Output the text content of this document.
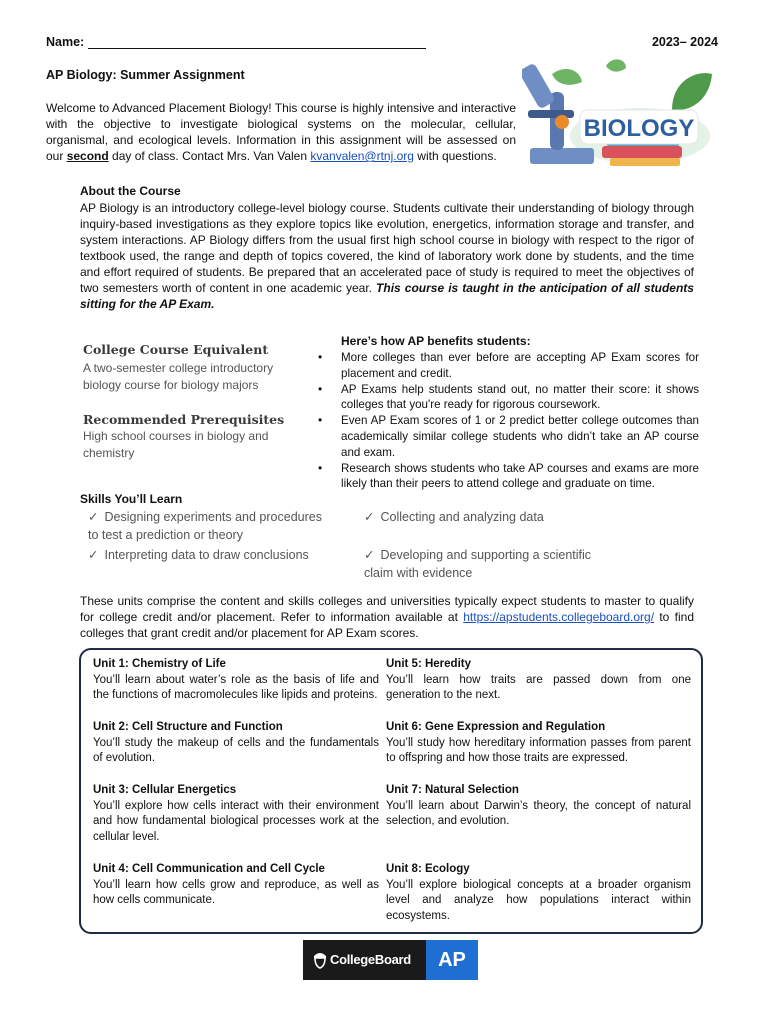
Name:	2023– 2024
AP Biology: Summer Assignment
Welcome to Advanced Placement Biology! This course is highly intensive and interactive with the objective to investigate biological systems on the molecular, cellular, organismal, and ecological levels. Information in this assignment will be assessed on our second day of class. Contact Mrs. Van Valen kvanvalen@rtnj.org with questions.
BIOLOGY
About the Course
AP Biology is an introductory college-level biology course. Students cultivate their understanding of biology through inquiry-based investigations as they explore topics like evolution, energetics, information storage and transfer, and system interactions. AP Biology differs from the usual first high school course in biology with respect to the rigor of textbook used, the range and depth of topics covered, the kind of laboratory work done by students, and the time and effort required of students. Be prepared that an accelerated pace of study is required to meet the objectives of two semesters worth of content in one academic year. This course is taught in the anticipation of all students sitting for the AP Exam.
College Course Equivalent
A two-semester college introductory biology course for biology majors
Recommended Prerequisites
High school courses in biology and chemistry
Here’s how AP benefits students:
• More colleges than ever before are accepting AP Exam scores for placement and credit.
• AP Exams help students stand out, no matter their score: it shows colleges that you're ready for rigorous coursework.
• Even AP Exam scores of 1 or 2 predict better college outcomes than academically similar college students who didn’t take an AP course and exam.
• Research shows students who take AP courses and exams are more likely than their peers to attend college and graduate on time.
Skills You’ll Learn
✓ Designing experiments and procedures to test a prediction or theory
✓ Interpreting data to draw conclusions
✓ Collecting and analyzing data
✓ Developing and supporting a scientific claim with evidence
These units comprise the content and skills colleges and universities typically expect students to master to qualify for college credit and/or placement. Refer to information available at https://apstudents.collegeboard.org/ to find colleges that grant credit and/or placement for AP Exam scores.
Unit 1: Chemistry of Life
You’ll learn about water’s role as the basis of life and the functions of macromolecules like lipids and proteins.
Unit 2: Cell Structure and Function
You’ll study the makeup of cells and the fundamentals of evolution.
Unit 3: Cellular Energetics
You’ll explore how cells interact with their environment and how fundamental biological processes work at the cellular level.
Unit 4: Cell Communication and Cell Cycle
You’ll learn how cells grow and reproduce, as well as how cells communicate.
Unit 5: Heredity
You’ll learn how traits are passed down from one generation to the next.
Unit 6: Gene Expression and Regulation
You’ll study how hereditary information passes from parent to offspring and how those traits are expressed.
Unit 7: Natural Selection
You’ll learn about Darwin’s theory, the concept of natural selection, and evolution.
Unit 8: Ecology
You’ll explore biological concepts at a broader organism level and analyze how populations interact within ecosystems.
CollegeBoard	AP
